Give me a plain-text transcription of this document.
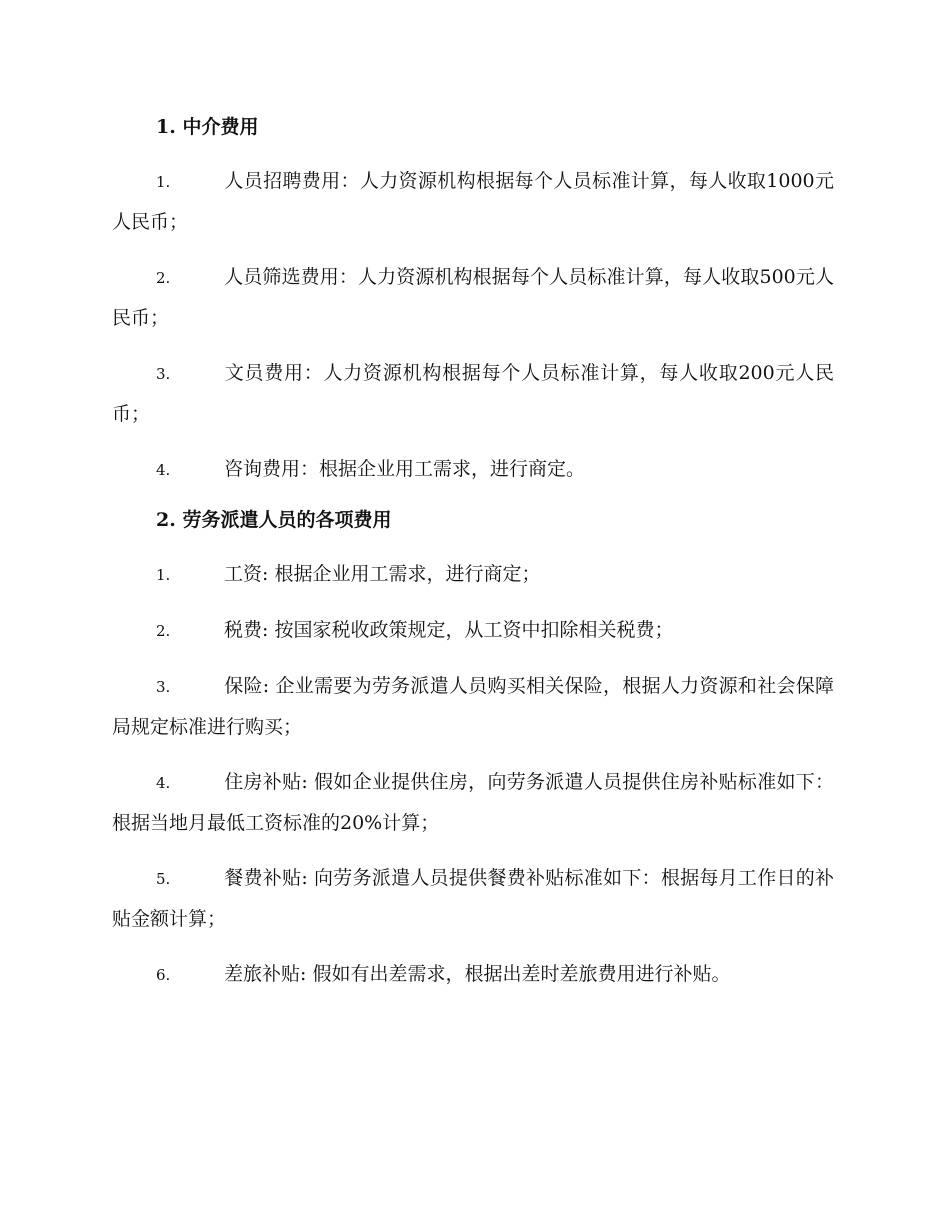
1. 中介费用
1.	人员招聘费用：人力资源机构根据每个人员标准计算，每人收取1000元人民币；
2.	人员筛选费用：人力资源机构根据每个人员标准计算，每人收取500元人民币；
3.	文员费用：人力资源机构根据每个人员标准计算，每人收取200元人民币；
4.	咨询费用：根据企业用工需求，进行商定。
2. 劳务派遣人员的各项费用
1.	工资: 根据企业用工需求，进行商定；
2.	税费: 按国家税收政策规定，从工资中扣除相关税费；
3.	保险: 企业需要为劳务派遣人员购买相关保险，根据人力资源和社会保障局规定标准进行购买；
4.	住房补贴: 假如企业提供住房，向劳务派遣人员提供住房补贴标准如下：根据当地月最低工资标准的20%计算；
5.	餐费补贴: 向劳务派遣人员提供餐费补贴标准如下：根据每月工作日的补贴金额计算；
6.	差旅补贴: 假如有出差需求，根据出差时差旅费用进行补贴。
